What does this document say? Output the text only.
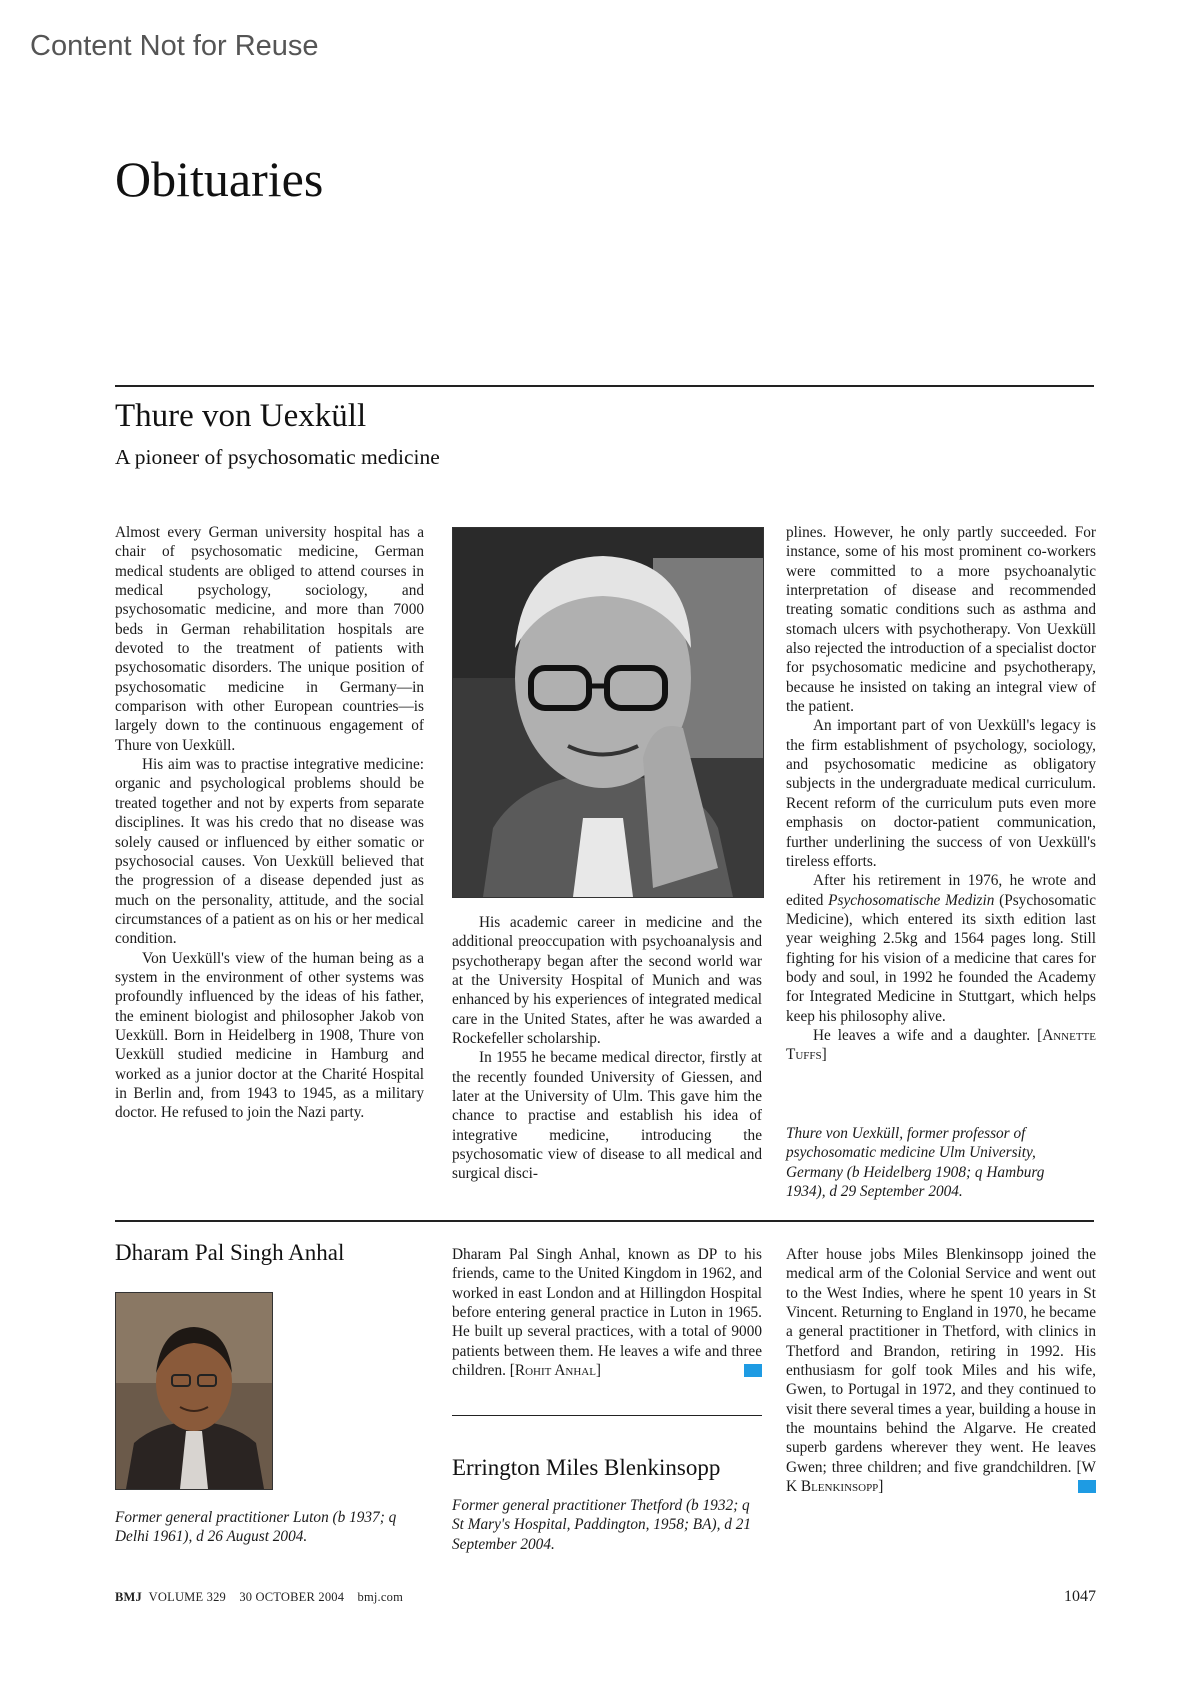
Content Not for Reuse
Obituaries
Thure von Uexküll
A pioneer of psychosomatic medicine

Almost every German university hospital has a chair of psychosomatic medicine, German medical students are obliged to attend courses in medical psychology, sociology, and psychosomatic medicine, and more than 7000 beds in German rehabilitation hospitals are devoted to the treatment of patients with psychosomatic disorders. The unique position of psychosomatic medicine in Germany—in comparison with other European countries—is largely down to the continuous engagement of Thure von Uexküll.

His aim was to practise integrative medicine: organic and psychological problems should be treated together and not by experts from separate disciplines. It was his credo that no disease was solely caused or influenced by either somatic or psychosocial causes. Von Uexküll believed that the progression of a disease depended just as much on the personality, attitude, and the social circumstances of a patient as on his or her medical condition.

Von Uexküll's view of the human being as a system in the environment of other systems was profoundly influenced by the ideas of his father, the eminent biologist and philosopher Jakob von Uexküll. Born in Heidelberg in 1908, Thure von Uexküll studied medicine in Hamburg and worked as a junior doctor at the Charité Hospital in Berlin and, from 1943 to 1945, as a military doctor. He refused to join the Nazi party.

His academic career in medicine and the additional preoccupation with psychoanalysis and psychotherapy began after the second world war at the University Hospital of Munich and was enhanced by his experiences of integrated medical care in the United States, after he was awarded a Rockefeller scholarship.

In 1955 he became medical director, firstly at the recently founded University of Giessen, and later at the University of Ulm. This gave him the chance to practise and establish his idea of integrative medicine, introducing the psychosomatic view of disease to all medical and surgical disci-

plines. However, he only partly succeeded. For instance, some of his most prominent co-workers were committed to a more psychoanalytic interpretation of disease and recommended treating somatic conditions such as asthma and stomach ulcers with psychotherapy. Von Uexküll also rejected the introduction of a specialist doctor for psychosomatic medicine and psychotherapy, because he insisted on taking an integral view of the patient.

An important part of von Uexküll's legacy is the firm establishment of psychology, sociology, and psychosomatic medicine as obligatory subjects in the undergraduate medical curriculum. Recent reform of the curriculum puts even more emphasis on doctor-patient communication, further underlining the success of von Uexküll's tireless efforts.

After his retirement in 1976, he wrote and edited Psychosomatische Medizin (Psychosomatic Medicine), which entered its sixth edition last year weighing 2.5kg and 1564 pages long. Still fighting for his vision of a medicine that cares for body and soul, in 1992 he founded the Academy for Integrated Medicine in Stuttgart, which helps keep his philosophy alive.

He leaves a wife and a daughter. [Annette Tuffs]

Thure von Uexküll, former professor of psychosomatic medicine Ulm University, Germany (b Heidelberg 1908; q Hamburg 1934), d 29 September 2004.
Dharam Pal Singh Anhal
Former general practitioner Luton (b 1937; q Delhi 1961), d 26 August 2004.

Dharam Pal Singh Anhal, known as DP to his friends, came to the United Kingdom in 1962, and worked in east London and at Hillingdon Hospital before entering general practice in Luton in 1965. He built up several practices, with a total of 9000 patients between them. He leaves a wife and three children. [Rohit Anhal]

Errington Miles Blenkinsopp
Former general practitioner Thetford (b 1932; q St Mary's Hospital, Paddington, 1958; BA), d 21 September 2004.

After house jobs Miles Blenkinsopp joined the medical arm of the Colonial Service and went out to the West Indies, where he spent 10 years in St Vincent. Returning to England in 1970, he became a general practitioner in Thetford, with clinics in Thetford and Brandon, retiring in 1992. His enthusiasm for golf took Miles and his wife, Gwen, to Portugal in 1972, and they continued to visit there several times a year, building a house in the mountains behind the Algarve. He created superb gardens wherever they went. He leaves Gwen; three children; and five grandchildren. [W K Blenkinsopp]

BMJ VOLUME 329 30 OCTOBER 2004 bmj.com	1047
